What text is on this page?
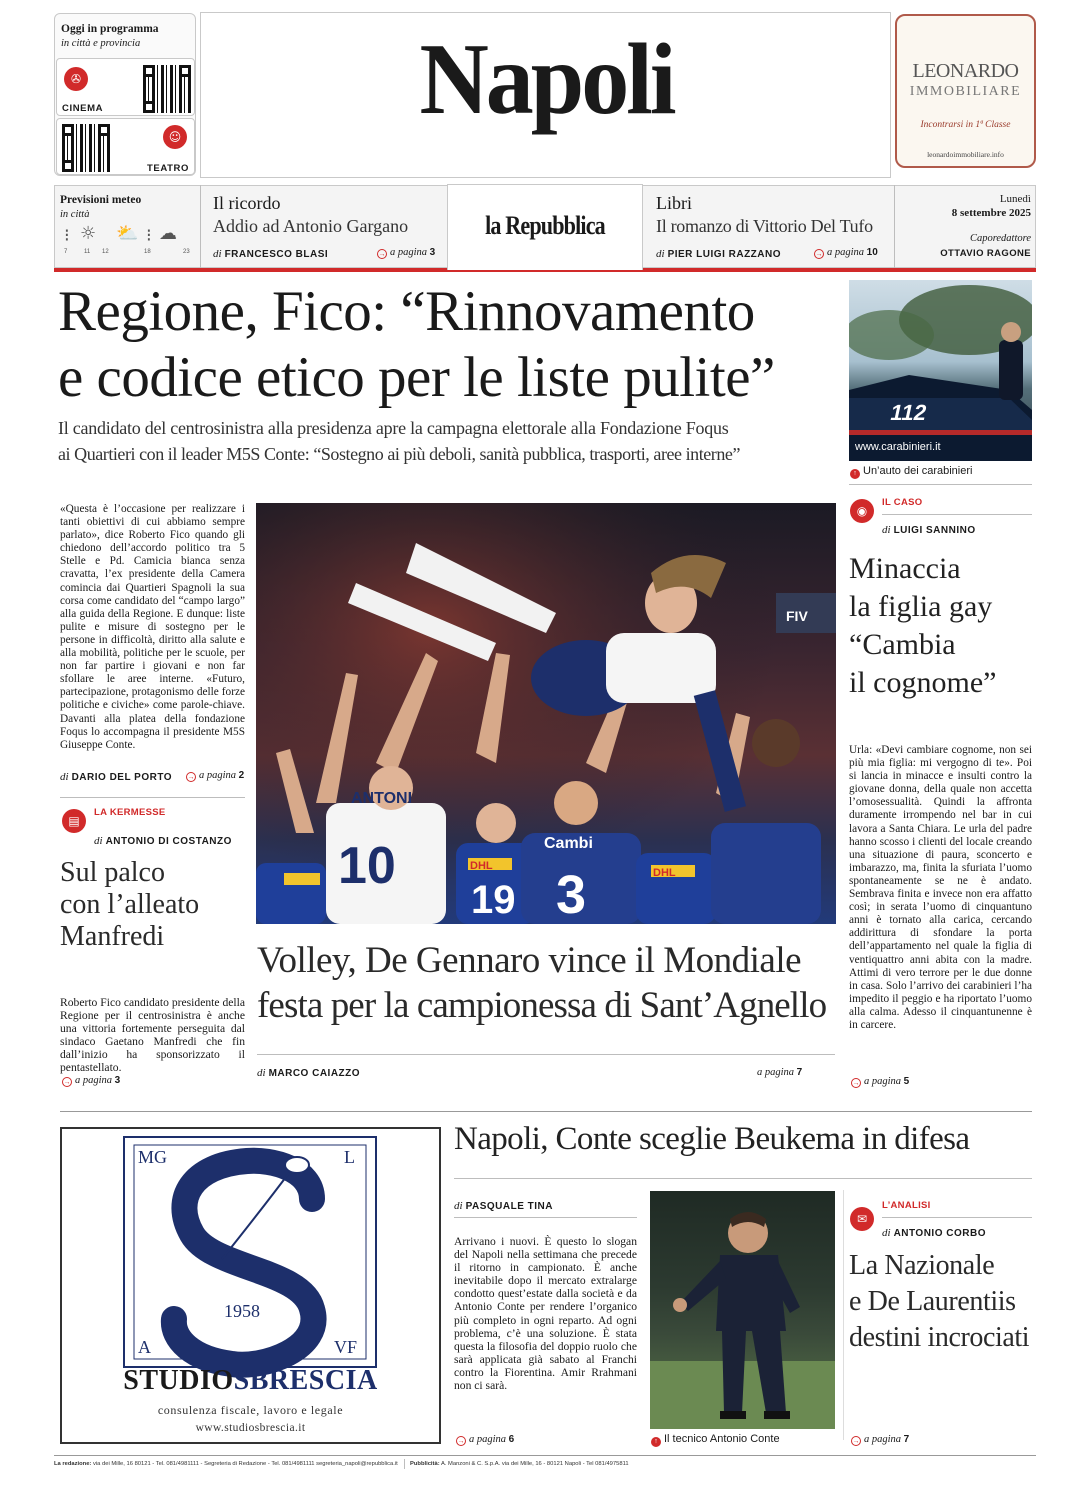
Oggi in programma
in città e provincia
✇
CINEMA
☺
TEATRO
Napoli	LEONARDO
IMMOBILIARE
Incontrarsi in 1ª Classe
leonardoimmobiliare.info
Previsioni meteo
in città
⁝ ☼ ⛅ ⁝ ☁
7	11 12	18	23
Il ricordo
Addio ad Antonio Gargano
di FRANCESCO BLASI	→ a pagina 3
la Repubblica
Libri
Il romanzo di Vittorio Del Tufo
di PIER LUIGI RAZZANO	→ a pagina 10
Lunedì
8 settembre 2025
Caporedattore
OTTAVIO RAGONE
Regione, Fico: “Rinnovamento
e codice etico per le liste pulite”
Il candidato del centrosinistra alla presidenza apre la campagna elettorale alla Fondazione Foqus
ai Quartieri con il leader M5S Conte: “Sostegno ai più deboli, sanità pubblica, trasporti, aree interne”
«Questa è l’occasione per realizzare i tanti obiettivi di cui abbiamo sempre parlato», dice Roberto Fico quando gli chiedono dell’accordo politico tra 5 Stelle e Pd. Camicia bianca senza cravatta, l’ex presidente della Camera comincia dai Quartieri Spagnoli la sua corsa come candidato del “campo largo” alla guida della Regione. E dunque: liste pulite e misure di sostegno per le persone in difficoltà, diritto alla salute e alla mobilità, politiche per le scuole, per non far partire i giovani e non far sfollare le aree interne. «Futuro, partecipazione, protagonismo delle forze politiche e civiche» come parole-chiave. Davanti alla platea della fondazione Foqus lo accompagna il presidente M5S Giuseppe Conte.
di DARIO DEL PORTO → a pagina 2
▤
LA KERMESSE
di ANTONIO DI COSTANZO
Sul palco
con l’alleato
Manfredi
Roberto Fico candidato presidente della Regione per il centrosinistra è anche una vittoria fortemente perseguita dal sindaco Gaetano Manfredi che fin dall’inizio ha sponsorizzato il pentastellato.
→ a pagina 3
10
19 3
ANTONI
Cambi
DHL
DHL
FIV
Volley, De Gennaro vince il Mondiale
festa per la campionessa di Sant’Agnello
di MARCO CAIAZZO	a pagina 7
112
www.carabinieri.it
↑ Un’auto dei carabinieri
◉
IL CASO
di LUIGI SANNINO
Minaccia
la figlia gay
“Cambia
il cognome”
Urla: «Devi cambiare cognome, non sei più mia figlia: mi vergogno di te». Poi si lancia in minacce e insulti contro la giovane donna, della quale non accetta l’omosessualità. Quindi la affronta duramente irrompendo nel bar in cui lavora a Santa Chiara. Le urla del padre hanno scosso i clienti del locale creando una situazione di paura, sconcerto e imbarazzo, ma, finita la sfuriata l’uomo spontaneamente se ne è andato. Sembrava finita e invece non era affatto così; in serata l’uomo di cinquantuno anni è tornato alla carica, cercando addirittura di sfondare la porta dell’appartamento nel quale la figlia di ventiquattro anni abita con la madre. Attimi di vero terrore per le due donne in casa. Solo l’arrivo dei carabinieri l’ha impedito il peggio e ha riportato l’uomo alla calma. Adesso il cinquantunenne è in carcere.
→ a pagina 5
MG	L
A	VF
1958
STUDIOSBRESCIA
consulenza fiscale, lavoro e legale
www.studiosbrescia.it
Napoli, Conte sceglie Beukema in difesa
di PASQUALE TINA
Arrivano i nuovi. È questo lo slogan del Napoli nella settimana che precede il ritorno in campionato. È anche inevitabile dopo il mercato extralarge condotto quest’estate dalla società e da Antonio Conte per rendere l’organico più completo in ogni reparto. Ad ogni problema, c’è una soluzione. È stata questa la filosofia del doppio ruolo che sarà applicata già sabato al Franchi contro la Fiorentina. Amir Rrahmani non ci sarà.
→ a pagina 6	↑ Il tecnico Antonio Conte
✉
L’ANALISI
di ANTONIO CORBO
La Nazionale
e De Laurentiis
destini incrociati
→ a pagina 7
La redazione: via dei Mille, 16 80121 - Tel. 081/4981111 - Segreteria di Redazione - Tel. 081/4981111 segreteria_napoli@repubblica.it Pubblicità: A. Manzoni & C. S.p.A. via dei Mille, 16 - 80121 Napoli - Tel 081/4975811
